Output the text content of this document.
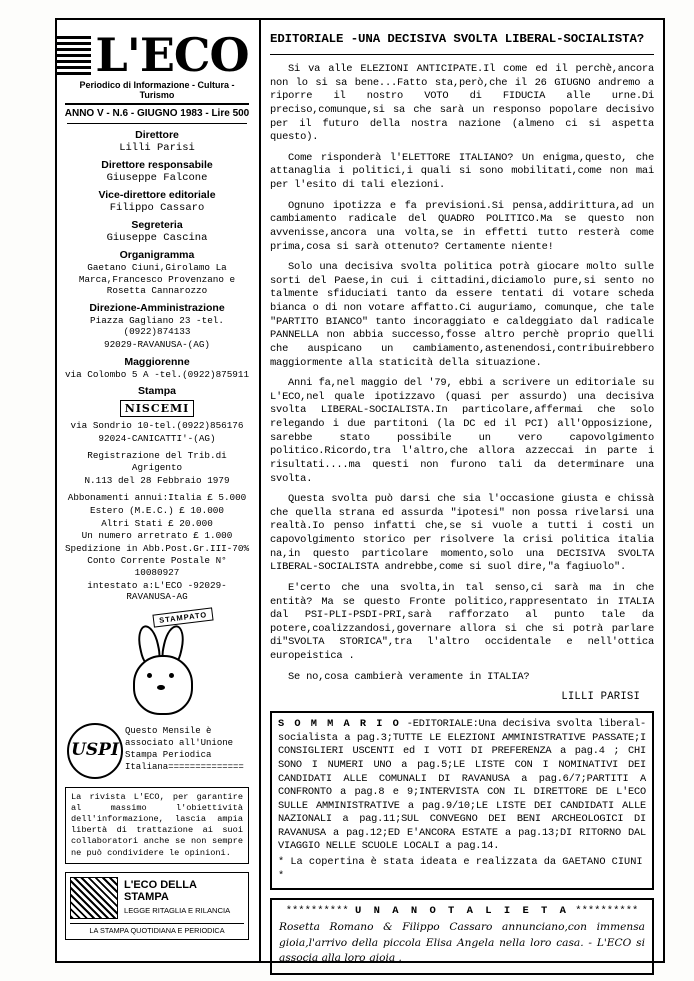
L'ECO
Periodico di Informazione - Cultura - Turismo
ANNO V - N.6 - GIUGNO 1983 - Lire 500
Direttore
Lilli Parisi
Direttore responsabile
Giuseppe Falcone
Vice-direttore editoriale
Filippo Cassaro
Segreteria
Giuseppe Cascina
Organigramma
Gaetano Ciuni,Girolamo La Marca,Francesco Provenzano e Rosetta Cannarozzo
Direzione-Amministrazione
Piazza Gagliano 23 -tel.(0922)874133
92029-RAVANUSA-(AG)
Maggiorenne
via Colombo 5 A -tel.(0922)875911
Stampa
NISCEMI
via Sondrio 10-tel.(0922)856176
92024-CANICATTI'-(AG)
Registrazione del Trib.di Agrigento
N.113 del 28 Febbraio 1979
Abbonamenti annui:Italia £ 5.000
Estero (M.E.C.) £ 10.000
Altri Stati £ 20.000
Un numero arretrato £ 1.000
Spedizione in Abb.Post.Gr.III-70%
Conto Corrente Postale N° 10080927
intestato a:L'ECO -92029-RAVANUSA-AG
STAMPATO
USPI
Questo Mensile è associato all'Unione Stampa Periodica Italiana==============
La rivista L'ECO, per garantire al massimo l'obiettività dell'informazione, lascia ampia libertà di trattazione ai suoi collaboratori anche se non sempre ne può condividere le opinioni.
L'ECO DELLA STAMPA
LEGGE RITAGLIA E RILANCIA
LA STAMPA QUOTIDIANA E PERIODICA
EDITORIALE -UNA DECISIVA SVOLTA LIBERAL-SOCIALISTA?

Si va alle ELEZIONI ANTICIPATE.Il come ed il perchè,ancora non lo si sa bene...Fatto sta,però,che il 26 GIUGNO andremo a riporre il nostro VOTO di FIDUCIA alle urne.Di preciso,comunque,si sa che sarà un responso popolare decisivo per il futuro della nostra nazione (almeno ci si aspetta questo).

Come risponderà l'ELETTORE ITALIANO? Un enigma,questo, che attanaglia i politici,i quali si sono mobilitati,come non mai per l'esito di tali elezioni.

Ognuno ipotizza e fa previsioni.Si pensa,addirittura,ad un cambiamento radicale del QUADRO POLITICO.Ma se questo non avvenisse,ancora una volta,se in effetti tutto resterà come prima,cosa si sarà ottenuto? Certamente niente!

Solo una decisiva svolta politica potrà giocare molto sulle sorti del Paese,in cui i cittadini,diciamolo pure,si sento no talmente sfiduciati tanto da essere tentati di votare scheda bianca o di non votare affatto.Ci auguriamo, comunque, che tale "PARTITO BIANCO" tanto incoraggiato e caldeggiato dal radicale PANNELLA non abbia successo,fosse altro perchè proprio quelli che auspicano un cambiamento,astenendosi,contribuirebbero maggiormente alla staticità della situazione.

Anni fa,nel maggio del '79, ebbi a scrivere un editoriale su L'ECO,nel quale ipotizzavo (quasi per assurdo) una decisiva svolta LIBERAL-SOCIALISTA.In particolare,affermai che solo relegando i due partitoni (la DC ed il PCI) all'Opposizione, sarebbe stato possibile un vero capovolgimento politico.Ricordo,tra l'altro,che allora azzeccai in parte i risultati....ma questi non furono tali da determinare una svolta.

Questa svolta può darsi che sia l'occasione giusta e chissà che quella strana ed assurda "ipotesi" non possa rivelarsi una realtà.Io penso infatti che,se si vuole a tutti i costi un capovolgimento storico per risolvere la crisi politica italia na,in questo particolare momento,solo una DECISIVA SVOLTA LIBERAL-SOCIALISTA andrebbe,come si suol dire,"a fagiuolo".

E'certo che una svolta,in tal senso,ci sarà ma in che entità? Ma se questo Fronte politico,rappresentato in ITALIA dal PSI-PLI-PSDI-PRI,sarà rafforzato al punto tale da potere,coalizzandosi,governare allora si che si potrà parlare di"SVOLTA STORICA",tra l'altro occidentale e nell'ottica europeistica .

Se no,cosa cambierà veramente in ITALIA?

LILLI PARISI

S O M M A R I O -EDITORIALE:Una decisiva svolta liberal-socialista a pag.3;TUTTE LE ELEZIONI AMMINISTRATIVE PASSATE;I CONSIGLIERI USCENTI ed I VOTI DI PREFERENZA a pag.4 ; CHI SONO I NUMERI UNO a pag.5;LE LISTE CON I NOMINATIVI DEI CANDIDATI ALLE COMUNALI DI RAVANUSA a pag.6/7;PARTITI A CONFRONTO a pag.8 e 9;INTERVISTA CON IL DIRETTORE DE L'ECO SULLE AMMINISTRATIVE a pag.9/10;LE LISTE DEI CANDIDATI ALLE NAZIONALI a pag.11;SUL CONVEGNO DEI BENI ARCHEOLOGICI DI RAVANUSA a pag.12;ED E'ANCORA ESTATE a pag.13;DI RITORNO DAL VIAGGIO NELLE SCUOLE LOCALI a pag.14.

* La copertina è stata ideata e realizzata da GAETANO CIUNI *
********** U N A N O T A L I E T A **********

Rosetta Romano & Filippo Cassaro annunciano,con immensa gioia,l'arrivo della piccola Elisa Angela nella loro casa. - L'ECO si associa alla loro gioia .
